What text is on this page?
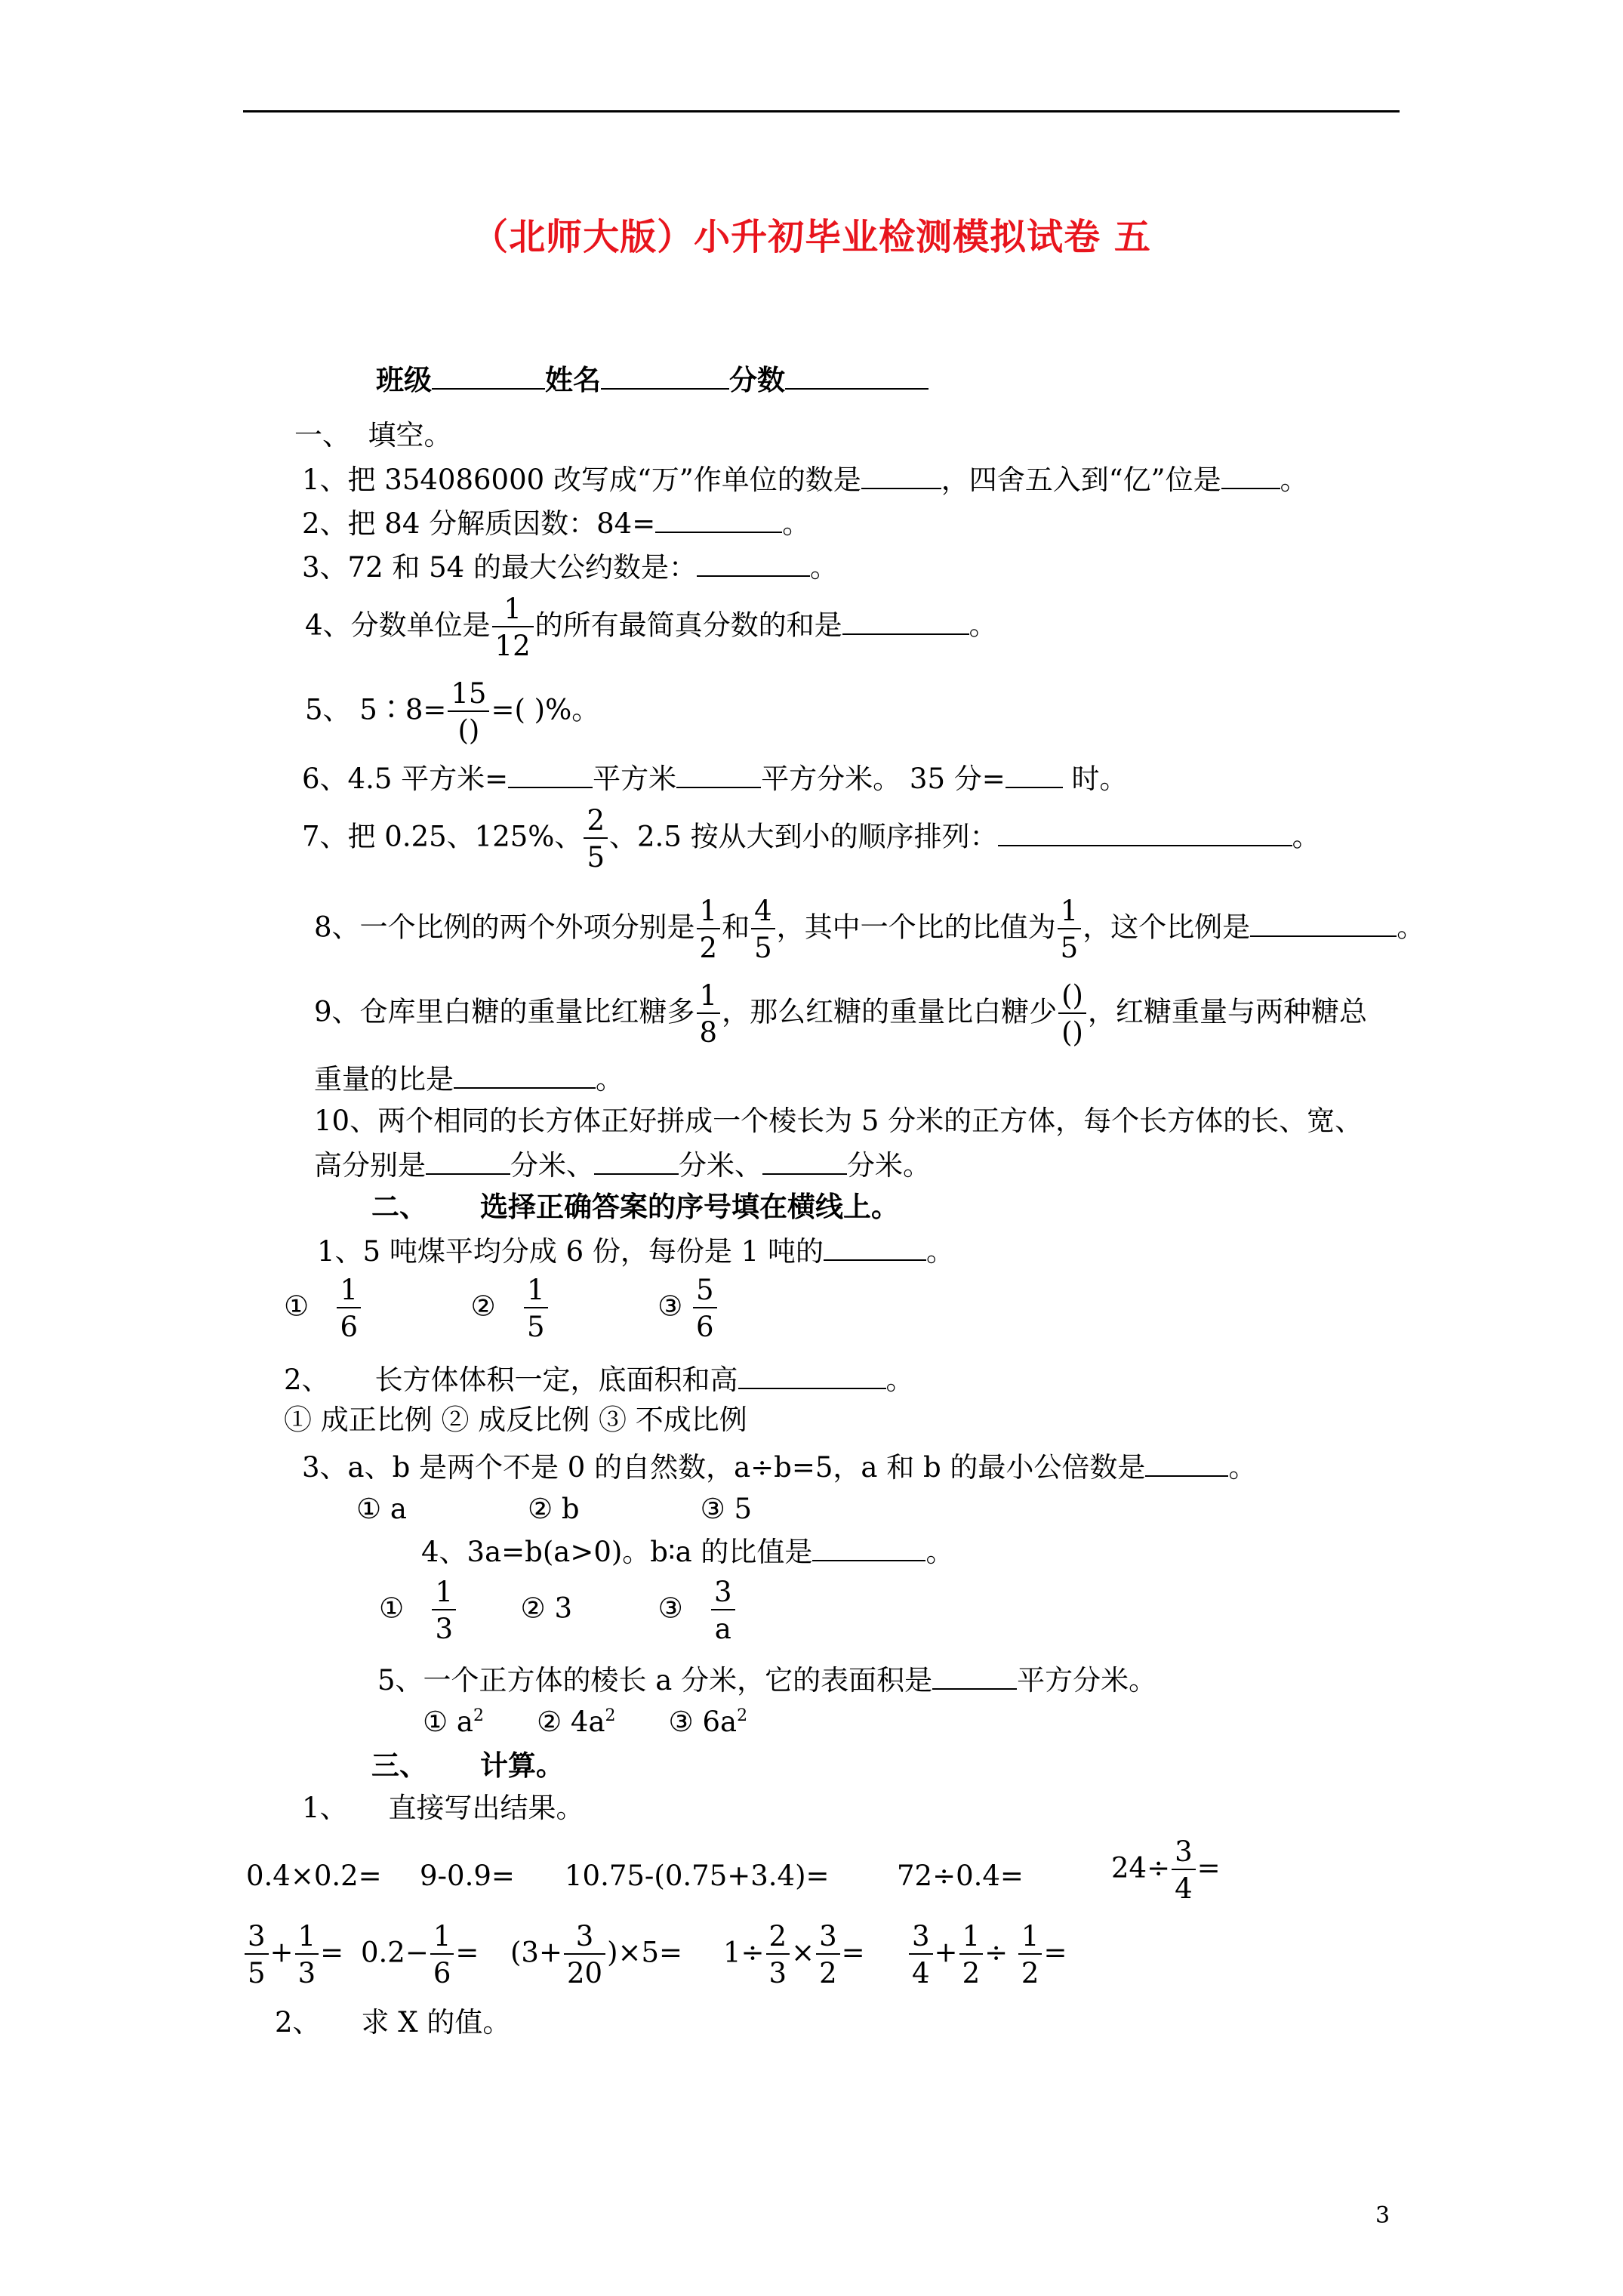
（北师大版）小升初毕业检测模拟试卷 五
班级	姓名	分数
一、 填空。
1、把 354086000 改写成“万”作单位的数是	，四舍五入到“亿”位是 。
2、把 84 分解质因数：84=	。
3、72 和 54 的最大公约数是：	。
4、分数单位是 $\frac{1}{12}$ 的所有最简真分数的和是	。
5、 5∶8= $\frac{15}{()}$ =( )%。
6、4.5 平方米=	平方米	平方分米。 35 分= 时。
7、把 0.25、125%、 $\frac{2}{5}$ 、2.5 按从大到小的顺序排列：	。
8、一个比例的两个外项分别是 $\frac{1}{2}$ 和 $\frac{4}{5}$ ，其中一个比的比值为 $\frac{1}{5}$ ，这个比例是	。
9、仓库里白糖的重量比红糖多 $\frac{1}{8}$ ，那么红糖的重量比白糖少 $\frac{()}{()}$ ，红糖重量与两种糖总
重量的比是	。
10、两个相同的长方体正好拼成一个棱长为 5 分米的正方体，每个长方体的长、宽、
高分别是	分米、	分米、	分米。
二、 选择正确答案的序号填在横线上。
1、5 吨煤平均分成 6 份，每份是 1 吨的	。
① $\frac{1}{6}$	② $\frac{1}{5}$	③ $\frac{5}{6}$
2、 长方体体积一定，底面积和高	。
① 成正比例 ② 成反比例 ③ 不成比例
3、a、b 是两个不是 0 的自然数，a÷b=5，a 和 b 的最小公倍数是	。
① a	② b	③ 5
4、3a=b(a>0)。b∶a 的比值是	。
① $\frac{1}{3}$ ② 3	③ $\frac{3}{a}$
5、一个正方体的棱长 a 分米，它的表面积是	平方分米。
① $a^2$ ② $4a^2$ ③ $6a^2$
三、 计算。
1、 直接写出结果。
0.4×0.2= 9-0.9= 10.75-(0.75+3.4)= 72÷0.4=	$24\div \frac{3}{4}$ =
$\frac{3}{5} + \frac{1}{3} = 0.2- \frac{1}{6} = (3+ \frac{3}{20} )\times 5= 1\div \frac{2}{3} \times \frac{3}{2} = \frac{3}{4} + \frac{1}{2} \div \frac{1}{2}$ =
2、 求 X 的值。
3
